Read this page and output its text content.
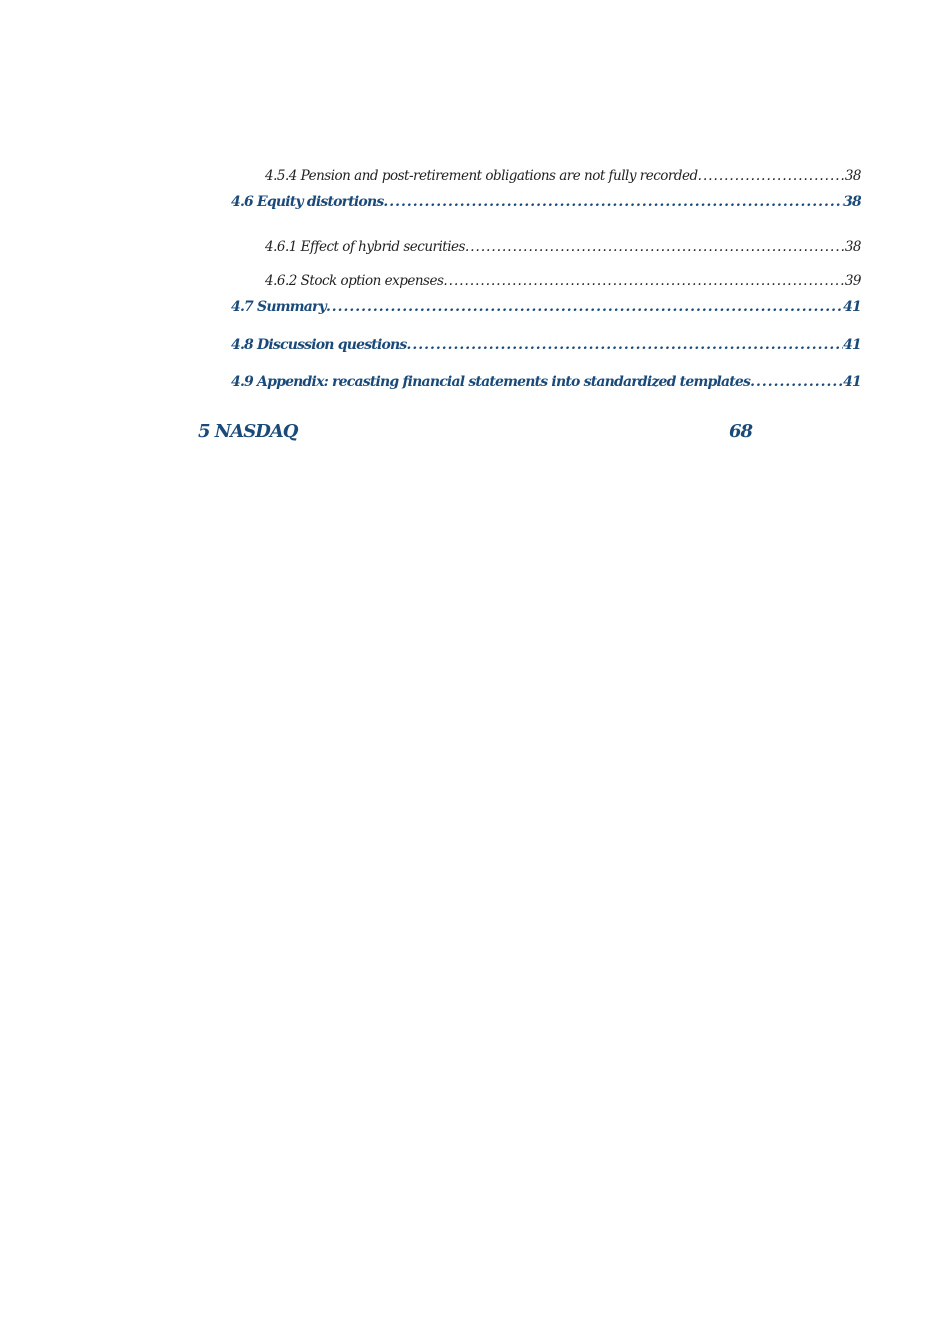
4.5.4 Pension and post-retirement obligations are not fully recorded .....	38
4.6 Equity distortions .....	38
4.6.1 Effect of hybrid securities .....	38
4.6.2 Stock option expenses .....	39
4.7 Summary .....	41
4.8 Discussion questions .....	41
4.9 Appendix: recasting financial statements into standardized templates .....	41
5 NASDAQ	68
